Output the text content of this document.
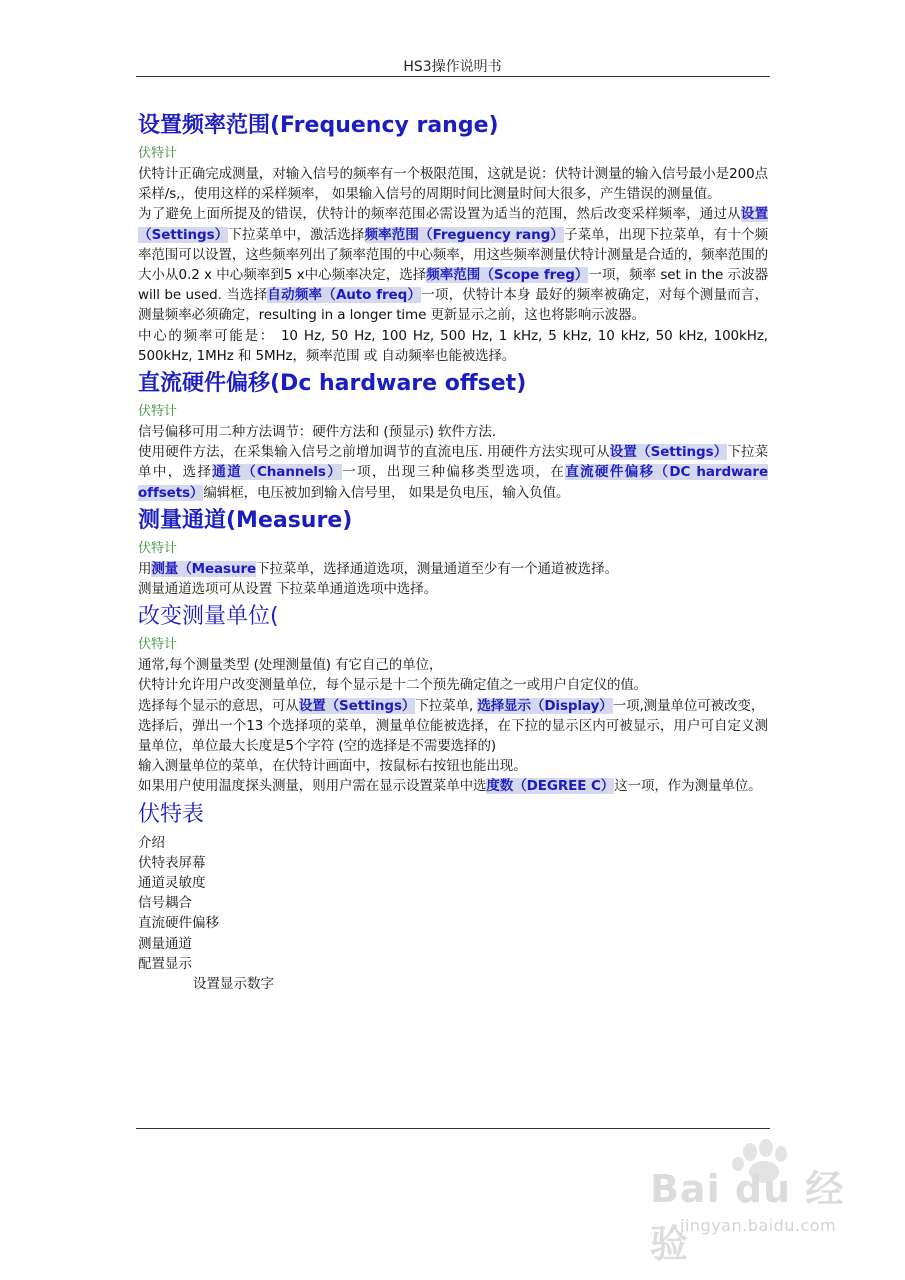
HS3操作说明书
设置频率范围(Frequency range)
伏特计

伏特计正确完成测量，对输入信号的频率有一个极限范围，这就是说：伏特计测量的输入信号最小是200点采样/s,，使用这样的采样频率， 如果输入信号的周期时间比测量时间大很多，产生错误的测量值。

为了避免上面所提及的错误，伏特计的频率范围必需设置为适当的范围，然后改变采样频率，通过从设置（Settings）下拉菜单中，激活选择频率范围（Freguency rang）子菜单，出现下拉菜单，有十个频率范围可以设置，这些频率列出了频率范围的中心频率，用这些频率测量伏特计测量是合适的，频率范围的大小从0.2 x 中心频率到5 x中心频率决定，选择频率范围（Scope freg）一项，频率 set in the 示波器 will be used. 当选择自动频率（Auto freq）一项，伏特计本身 最好的频率被确定，对每个测量而言，测量频率必须确定，resulting in a longer time 更新显示之前，这也将影响示波器。

中心的频率可能是： 10 Hz, 50 Hz, 100 Hz, 500 Hz, 1 kHz, 5 kHz, 10 kHz, 50 kHz, 100kHz, 500kHz, 1MHz 和 5MHz，频率范围 或 自动频率也能被选择。

直流硬件偏移(Dc hardware offset)
伏特计

信号偏移可用二种方法调节：硬件方法和 (预显示) 软件方法.

使用硬件方法，在采集输入信号之前增加调节的直流电压. 用硬件方法实现可从设置（Settings）下拉菜单中，选择通道（Channels）一项，出现三种偏移类型选项，在直流硬件偏移（DC hardware offsets）编辑框，电压被加到输入信号里， 如果是负电压，输入负值。

测量通道(Measure)
伏特计

用测量（Measure下拉菜单，选择通道选项，测量通道至少有一个通道被选择。

测量通道选项可从设置 下拉菜单通道选项中选择。

改变测量单位(
伏特计

通常,每个测量类型 (处理测量值) 有它自己的单位，

伏特计允许用户改变测量单位，每个显示是十二个预先确定值之一或用户自定仪的值。

选择每个显示的意思，可从设置（Settings）下拉菜单, 选择显示（Display）一项,测量单位可被改变，

选择后，弹出一个13 个选择项的菜单，测量单位能被选择，在下拉的显示区内可被显示，用户可自定义测量单位，单位最大长度是5个字符 (空的选择是不需要选择的)

输入测量单位的菜单，在伏特计画面中，按鼠标右按钮也能出现。

如果用户使用温度探头测量，则用户需在显示设置菜单中选度数（DEGREE C）这一项，作为测量单位。

伏特表
介绍
伏特表屏幕
通道灵敏度
信号耦合
直流硬件偏移
测量通道
配置显示
设置显示数字
Bai du 经验
jingyan.baidu.com
